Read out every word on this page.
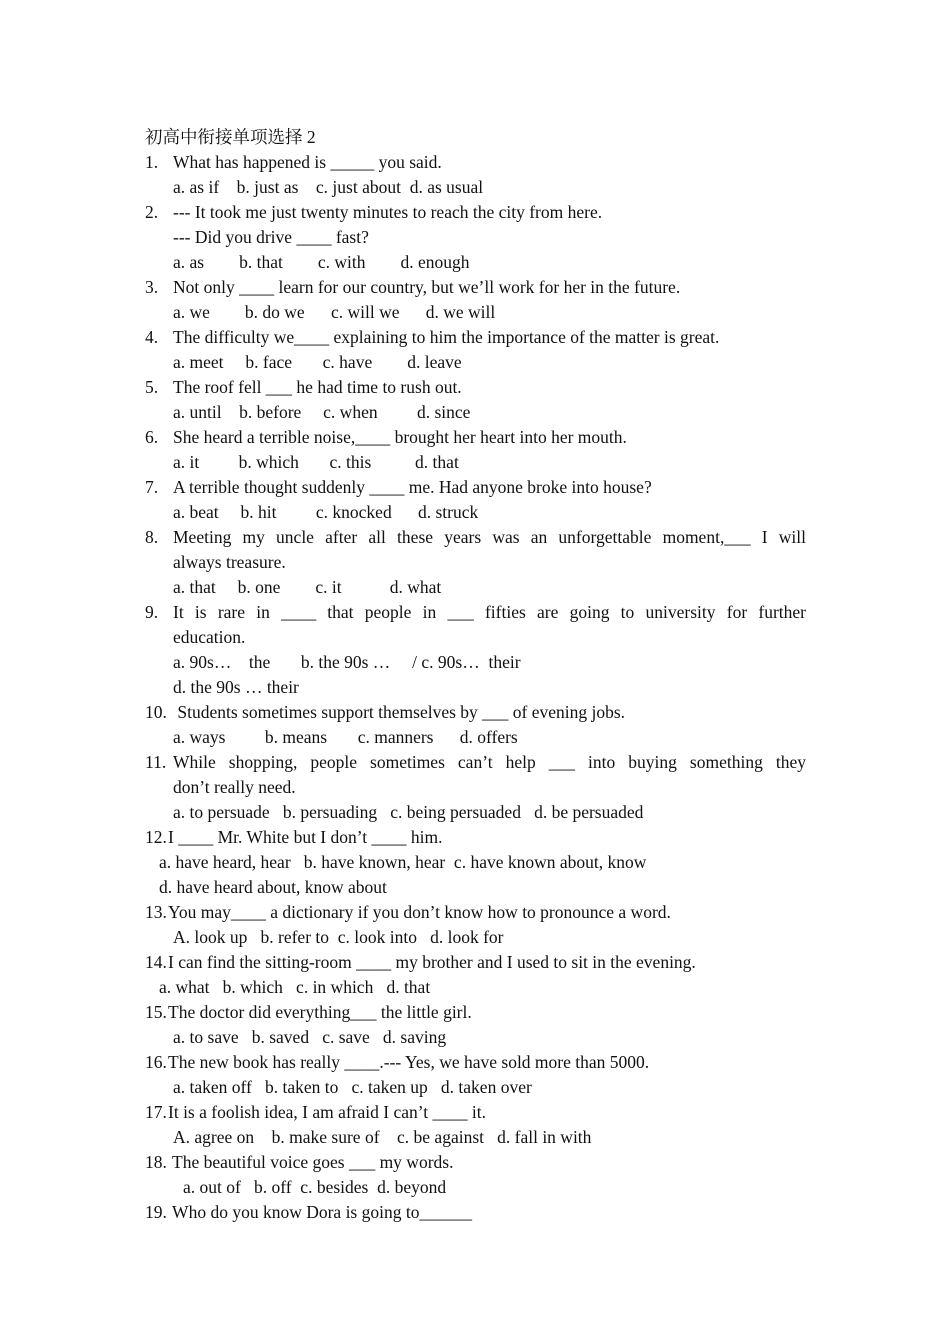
初高中衔接单项选择 2
1. What has happened is _____ you said.
a. as if    b. just as    c. just about  d. as usual
2. --- It took me just twenty minutes to reach the city from here.
--- Did you drive ____ fast?
a. as        b. that        c. with        d. enough
3. Not only ____ learn for our country, but we’ll work for her in the future.
a. we        b. do we      c. will we      d. we will
4. The difficulty we____ explaining to him the importance of the matter is great.
a. meet     b. face       c. have        d. leave
5. The roof fell ___ he had time to rush out.
a. until    b. before     c. when         d. since
6. She heard a terrible noise,____ brought her heart into her mouth.
a. it         b. which       c. this          d. that
7. A terrible thought suddenly ____ me. Had anyone broke into house?
a. beat     b. hit         c. knocked      d. struck
8. Meeting my uncle after all these years was an unforgettable moment,___ I will
always treasure.
a. that     b. one        c. it           d. what
9. It is rare in ____ that people in ___ fifties are going to university for further
education.
a. 90s…    the       b. the 90s …     / c. 90s…  their
d. the 90s … their
10. Students sometimes support themselves by ___ of evening jobs.
a. ways         b. means       c. manners      d. offers
11. While shopping, people sometimes can’t help ___ into buying something they
don’t really need.
a. to persuade   b. persuading   c. being persuaded   d. be persuaded
12. I ____ Mr. White but I don’t ____ him.
a. have heard, hear   b. have known, hear  c. have known about, know
d. have heard about, know about
13. You may____ a dictionary if you don’t know how to pronounce a word.
A. look up   b. refer to  c. look into   d. look for
14. I can find the sitting-room ____ my brother and I used to sit in the evening.
a. what   b. which   c. in which   d. that
15. The doctor did everything___ the little girl.
a. to save   b. saved   c. save   d. saving
16. The new book has really ____.--- Yes, we have sold more than 5000.
a. taken off   b. taken to   c. taken up   d. taken over
17. It is a foolish idea, I am afraid I can’t ____ it.
A. agree on    b. make sure of    c. be against   d. fall in with
18. The beautiful voice goes ___ my words.
a. out of   b. off  c. besides  d. beyond
19. Who do you know Dora is going to______
